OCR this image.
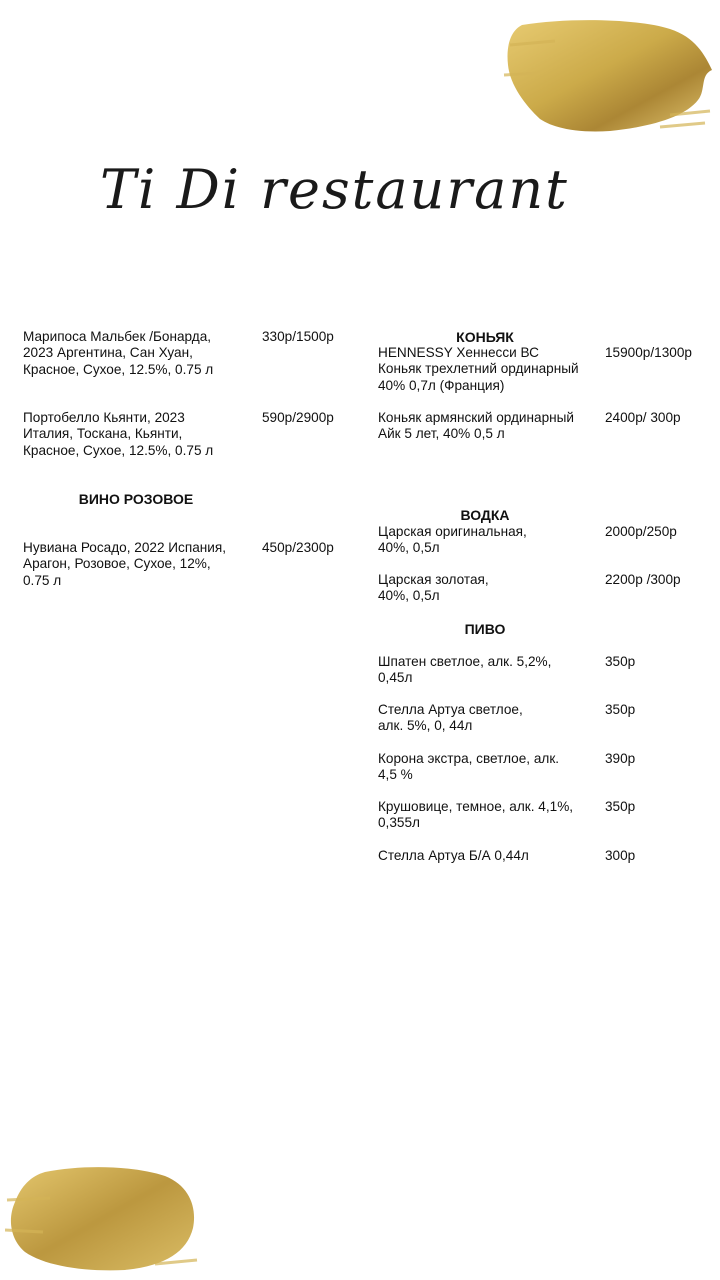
Ti Di restaurant
Марипоса Мальбек /Бонарда,
2023 Аргентина, Сан Хуан,
Красное, Сухое, 12.5%, 0.75 л
330р/1500р
Портобелло Кьянти, 2023
Италия, Тоскана, Кьянти,
Красное, Сухое, 12.5%, 0.75 л
590р/2900р
ВИНО РОЗОВОЕ
Нувиана Росадо, 2022 Испания,
Арагон, Розовое, Сухое, 12%,
0.75 л
450р/2300р
КОНЬЯК
HENNESSY Хеннесси ВС
Коньяк трехлетний ординарный
40% 0,7л (Франция)
15900р/1300р
Коньяк армянский ординарный
Айк 5 лет, 40% 0,5 л
2400р/ 300р
ВОДКА
Царская оригинальная,
40%, 0,5л
2000р/250р
Царская золотая,
40%, 0,5л
2200р /300р
ПИВО
Шпатен светлое, алк. 5,2%,
0,45л
350р
Стелла Артуа светлое,
алк. 5%, 0, 44л
350р
Корона экстра, светлое, алк.
4,5 %
390р
Крушовице, темное, алк. 4,1%,
0,355л
350р
Стелла Артуа Б/А 0,44л	300р
